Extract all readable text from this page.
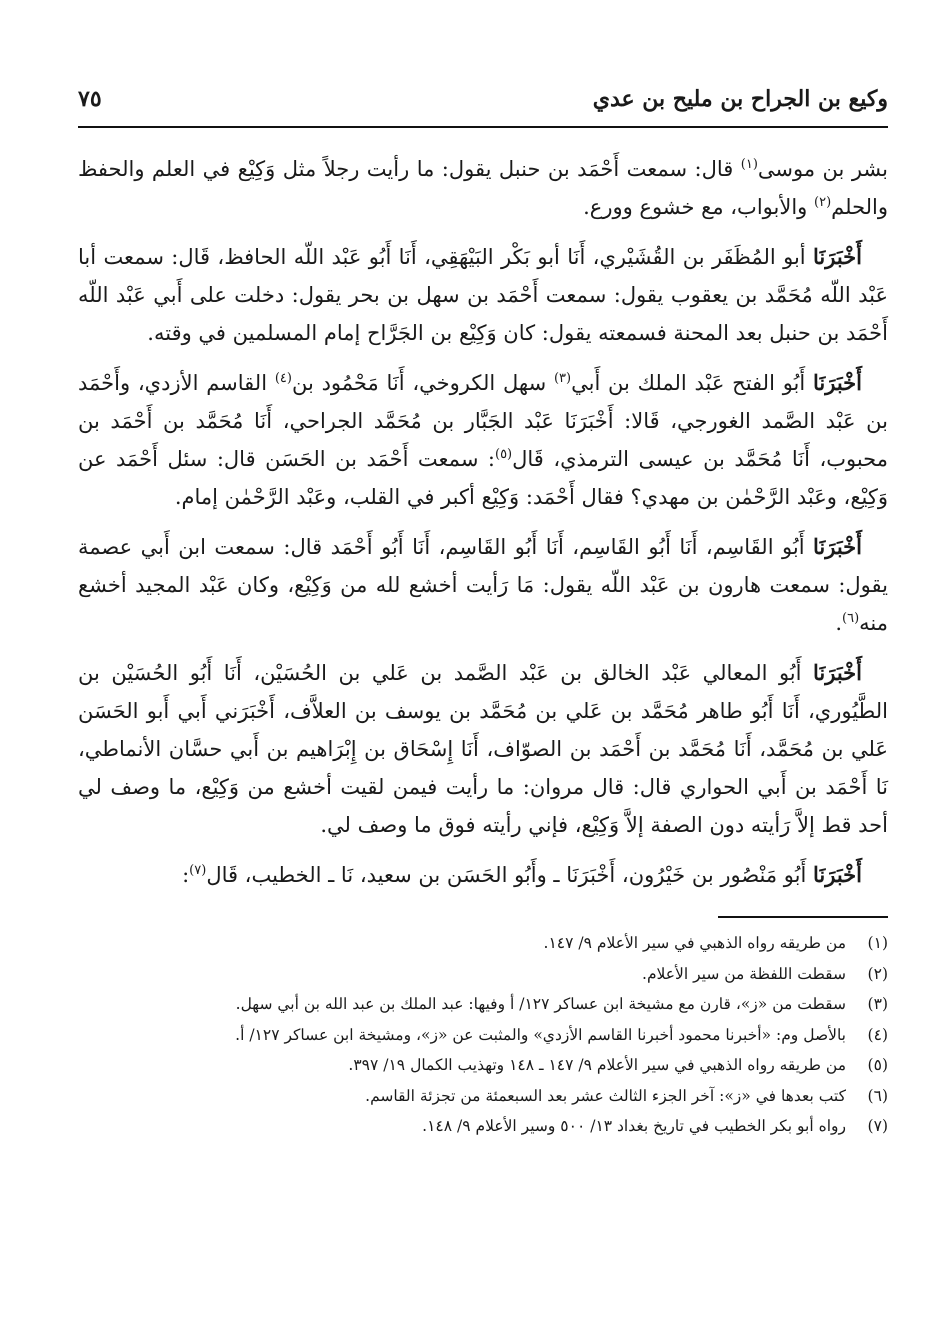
وكيع بن الجراح بن مليح بن عدي
٧٥

بشر بن موسى$^{(١)}$ قال: سمعت أَحْمَد بن حنبل يقول: ما رأيت رجلاً مثل وَكِيْع في العلم والحفظ والحلم$^{(٢)}$ والأبواب، مع خشوع وورع.

أَخْبَرَنَا أبو المُظَفَر بن القُشَيْري، أَنَا أبو بَكْر البَيْهَقِي، أَنَا أَبُو عَبْد اللّه الحافظ، قَال: سمعت أبا عَبْد اللّه مُحَمَّد بن يعقوب يقول: سمعت أَحْمَد بن سهل بن بحر يقول: دخلت على أَبي عَبْد اللّه أَحْمَد بن حنبل بعد المحنة فسمعته يقول: كان وَكِيْع بن الجَرَّاح إمام المسلمين في وقته.

أَخْبَرَنَا أَبُو الفتح عَبْد الملك بن أَبي$^{(٣)}$ سهل الكروخي، أَنَا مَحْمُود بن$^{(٤)}$ القاسم الأزدي، وأَحْمَد بن عَبْد الصَّمد الغورجي، قَالا: أَخْبَرَنَا عَبْد الجَبَّار بن مُحَمَّد الجراحي، أَنَا مُحَمَّد بن أَحْمَد بن محبوب، أَنَا مُحَمَّد بن عيسى الترمذي، قَال$^{(٥)}$: سمعت أَحْمَد بن الحَسَن قال: سئل أَحْمَد عن وَكِيْع، وعَبْد الرَّحْمٰن بن مهدي؟ فقال أَحْمَد: وَكِيْع أكبر في القلب، وعَبْد الرَّحْمٰن إمام.

أَخْبَرَنَا أَبُو القَاسِم، أَنَا أَبُو القَاسِم، أَنَا أَبُو القَاسِم، أَنَا أَبُو أَحْمَد قال: سمعت ابن أَبي عصمة يقول: سمعت هارون بن عَبْد اللّه يقول: مَا رَأيت أخشع لله من وَكِيْع، وكان عَبْد المجيد أخشع منه$^{(٦)}$.

أَخْبَرَنَا أَبُو المعالي عَبْد الخالق بن عَبْد الصَّمد بن عَلي بن الحُسَيْن، أَنَا أَبُو الحُسَيْن بن الطَّيُوري، أَنَا أَبُو طاهر مُحَمَّد بن عَلي بن مُحَمَّد بن يوسف بن العلاَّف، أَخْبَرَني أَبي أَبو الحَسَن عَلي بن مُحَمَّد، أَنَا مُحَمَّد بن أَحْمَد بن الصوّاف، أَنَا إِسْحَاق بن إِبْرَاهيم بن أَبي حسَّان الأنماطي، نَا أَحْمَد بن أَبي الحواري قال: قال مروان: ما رأيت فيمن لقيت أخشع من وَكِيْع، ما وصف لي أحد قط إلاَّ رَأيته دون الصفة إلاَّ وَكِيْع، فإني رأيته فوق ما وصف لي.

أَخْبَرَنَا أَبُو مَنْصُور بن خَيْرُون، أَخْبَرَنَا ـ وأَبُو الحَسَن بن سعيد، نَا ـ الخطيب، قَال$^{(٧)}$:

(١)
من طريقه رواه الذهبي في سير الأعلام ٩/ ١٤٧.
(٢)
سقطت اللفظة من سير الأعلام.
(٣)
سقطت من «ز»، قارن مع مشيخة ابن عساكر ١٢٧/ أ وفيها: عبد الملك بن عبد الله بن أبي سهل.
(٤)
بالأصل وم: «أخبرنا محمود أخبرنا القاسم الأزدي» والمثبت عن «ز»، ومشيخة ابن عساكر ١٢٧/ أ.
(٥)
من طريقه رواه الذهبي في سير الأعلام ٩/ ١٤٧ ـ ١٤٨ وتهذيب الكمال ١٩/ ٣٩٧.
(٦)
كتب بعدها في «ز»: آخر الجزء الثالث عشر بعد السبعمئة من تجزئة القاسم.
(٧)
رواه أبو بكر الخطيب في تاريخ بغداد ١٣/ ٥٠٠ وسير الأعلام ٩/ ١٤٨.
